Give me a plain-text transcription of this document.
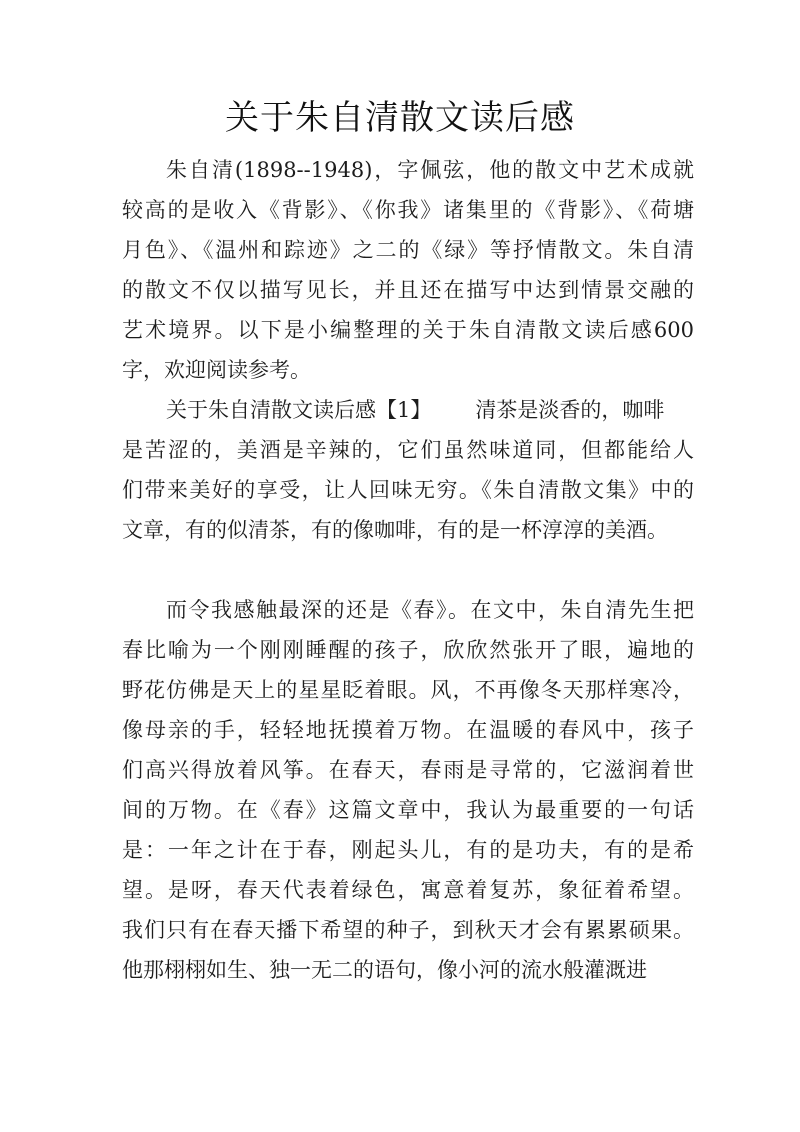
关于朱自清散文读后感
朱自清(1898--1948)，字佩弦，他的散文中艺术成就
较高的是收入《背影》、《你我》诸集里的《背影》、《荷塘
月色》、《温州和踪迹》之二的《绿》等抒情散文。朱自清
的散文不仅以描写见长，并且还在描写中达到情景交融的
艺术境界。以下是小编整理的关于朱自清散文读后感600
字，欢迎阅读参考。
关于朱自清散文读后感【1】 清茶是淡香的，咖啡
是苦涩的，美酒是辛辣的，它们虽然味道同，但都能给人
们带来美好的享受，让人回味无穷。《朱自清散文集》中的
文章，有的似清茶，有的像咖啡，有的是一杯淳淳的美酒。
而令我感触最深的还是《春》。在文中，朱自清先生把
春比喻为一个刚刚睡醒的孩子，欣欣然张开了眼，遍地的
野花仿佛是天上的星星眨着眼。风，不再像冬天那样寒冷，
像母亲的手，轻轻地抚摸着万物。在温暖的春风中，孩子
们高兴得放着风筝。在春天，春雨是寻常的，它滋润着世
间的万物。在《春》这篇文章中，我认为最重要的一句话
是：一年之计在于春，刚起头儿，有的是功夫，有的是希
望。是呀，春天代表着绿色，寓意着复苏，象征着希望。
我们只有在春天播下希望的种子，到秋天才会有累累硕果。
他那栩栩如生、独一无二的语句，像小河的流水般灌溉进
